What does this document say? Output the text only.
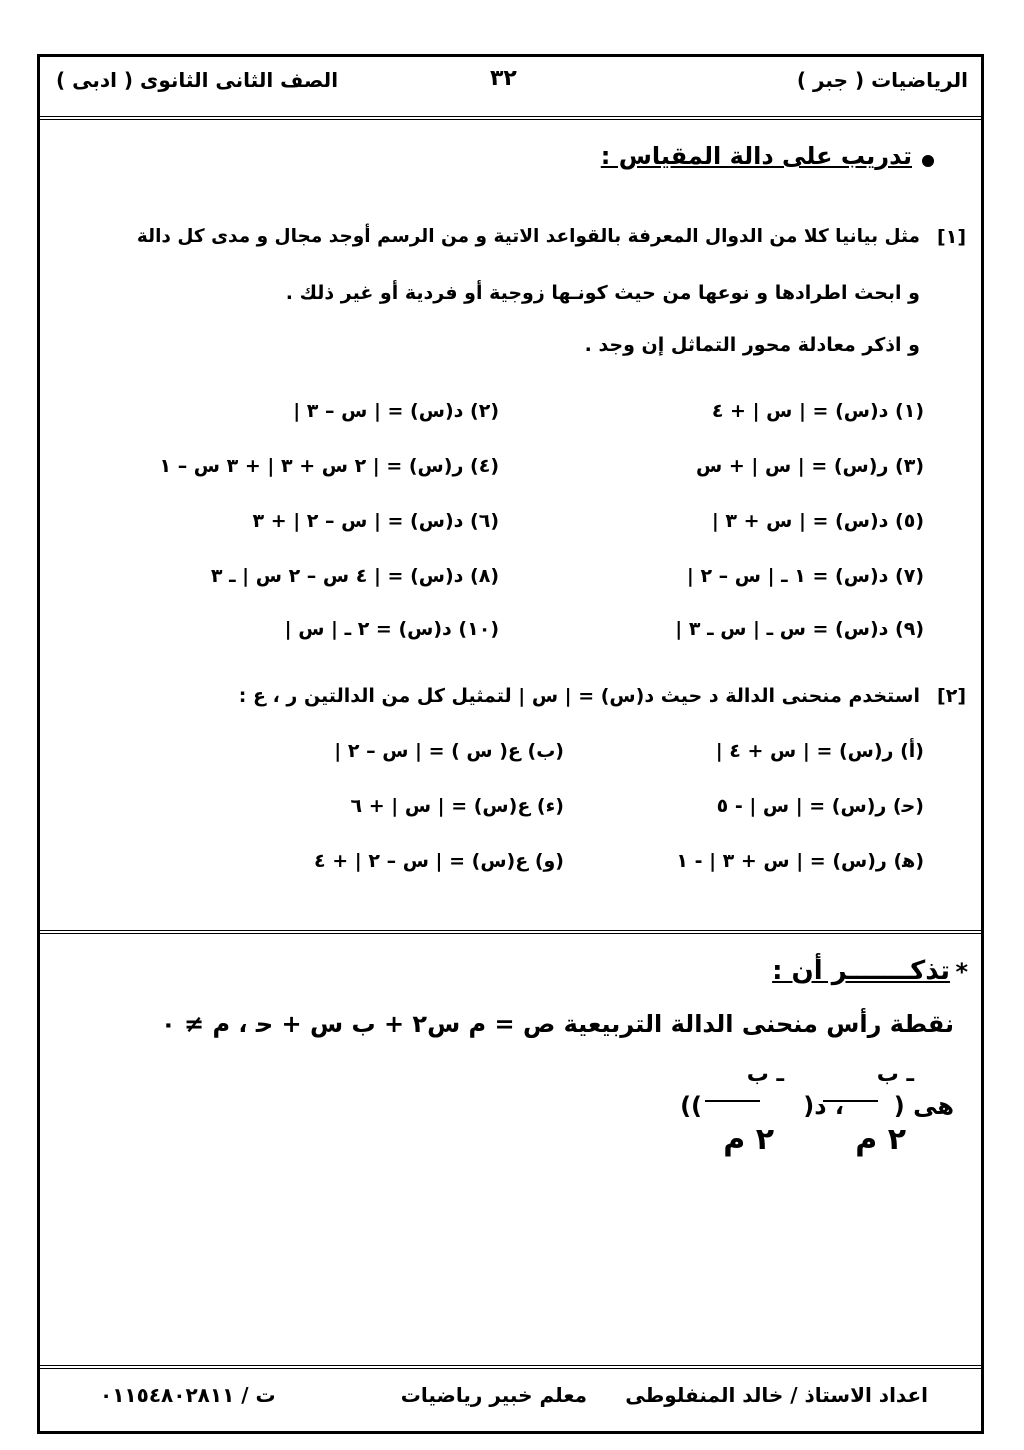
الرياضيات ( جبر )
٣٢
الصف الثانى الثانوى ( ادبى )
تدريب على دالة المقياس :
[١]
مثل بيانيا كلا من الدوال المعرفة بالقواعد الاتية و من الرسم أوجد مجال و مدى كل دالة
و ابحث اطرادها و نوعها من حيث كونـها زوجية أو فردية أو غير ذلك .
و اذكر معادلة محور التماثل إن وجد .
(١) د(س) = | س | + ٤
(٢) د(س) = | س – ٣ |
(٣) ر(س) = | س | + س
(٤) ر(س) = | ٢ س + ٣ | + ٣ س – ١
(٥) د(س) = | س + ٣ |
(٦) د(س) = | س – ٢ | + ٣
(٧) د(س) = ١ ـ | س – ٢ |
(٨) د(س) = | ٤ س – ٢ س | ـ ٣
(٩) د(س) = س ـ | س ـ ٣ |
(١٠) د(س) = ٢ ـ | س |
[٢]
استخدم منحنى الدالة د حيث د(س) = | س | لتمثيل كل من الدالتين ر ، ع :
(أ) ر(س) = | س + ٤ |
(ب) ع( س ) = | س – ٢ |
(ﺣ) ر(س) = | س | - ٥
(ء) ع(س) = | س | + ٦
(ﻫ) ر(س) = | س + ٣ | - ١
(و) ع(س) = | س – ٢ | + ٤
*
تذكـــــــر أن :
نقطة رأس منحنى الدالة التربيعية ص = ﻡ س٢ + ب س + ﺣ ، ﻡ ≠ ٠
هى (
ـ ب
٢ ﻡ
، د(
ـ ب
٢ ﻡ
))
اعداد الاستاذ / خالد المنفلوطى
معلم خبير رياضيات
ت / ٠١١٥٤٨٠٢٨١١
